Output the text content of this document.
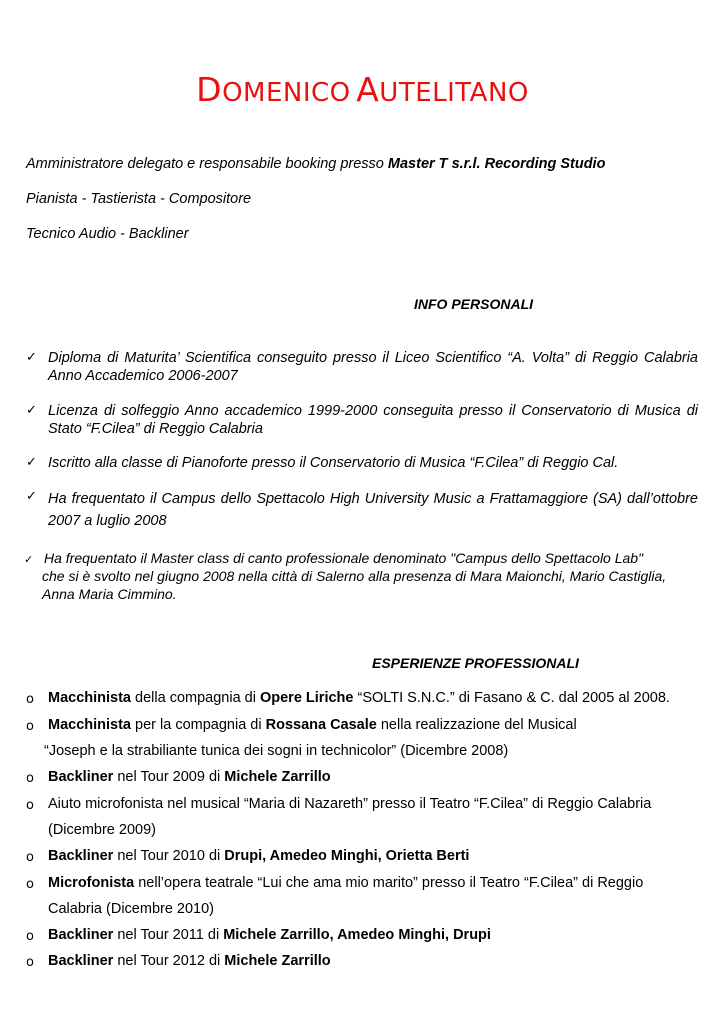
DOMENICO AUTELITANO
Amministratore delegato e responsabile booking presso Master T s.r.l. Recording Studio
Pianista - Tastierista - Compositore
Tecnico Audio - Backliner
INFO PERSONALI
✓ Diploma di Maturita’ Scientifica conseguito presso il Liceo Scientifico “A. Volta” di Reggio Calabria
Anno Accademico 2006-2007
✓ Licenza di solfeggio Anno accademico 1999-2000 conseguita presso il Conservatorio di Musica di
Stato “F.Cilea” di Reggio Calabria
✓ Iscritto alla classe di Pianoforte presso il Conservatorio di Musica “F.Cilea” di Reggio Cal.
✓ Ha frequentato il Campus dello Spettacolo High University Music a Frattamaggiore (SA) dall’ottobre
2007 a luglio 2008
✓ Ha frequentato il Master class di canto professionale denominato "Campus dello Spettacolo Lab"
che si è svolto nel giugno 2008 nella città di Salerno alla presenza di Mara Maionchi, Mario Castiglia,
Anna Maria Cimmino.
ESPERIENZE PROFESSIONALI
o Macchinista della compagnia di Opere Liriche “SOLTI S.N.C.” di Fasano & C. dal 2005 al 2008.
o Macchinista per la compagnia di Rossana Casale nella realizzazione del Musical
“Joseph e la strabiliante tunica dei sogni in technicolor” (Dicembre 2008)
o Backliner nel Tour 2009 di Michele Zarrillo
o Aiuto microfonista nel musical “Maria di Nazareth” presso il Teatro “F.Cilea” di Reggio Calabria
(Dicembre 2009)
o Backliner nel Tour 2010 di Drupi, Amedeo Minghi, Orietta Berti
o Microfonista nell’opera teatrale “Lui che ama mio marito” presso il Teatro “F.Cilea” di Reggio
Calabria (Dicembre 2010)
o Backliner nel Tour 2011 di Michele Zarrillo, Amedeo Minghi, Drupi
o Backliner nel Tour 2012 di Michele Zarrillo
